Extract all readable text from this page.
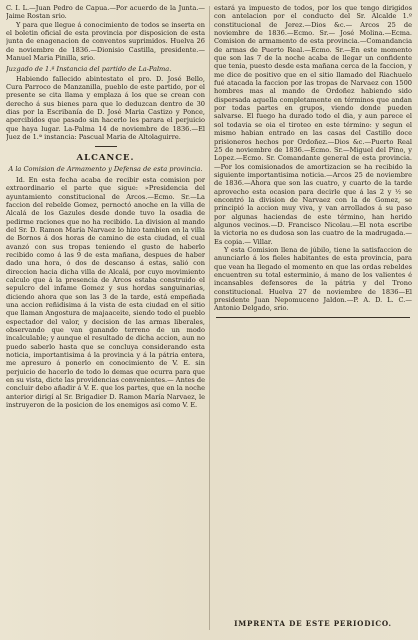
C. I. L.—Juan Pedro de Capua.—Por acuerdo de la Junta.—Jaime Rostan srio.

Y para que llegue á conocimiento de todos se inserta en el boletin oficial de esta provincia por disposicion de esta junta de enagenacion de conventos suprimidos. Huelva 26 de noviembre de 1836.—Dionisio Castilla, presidente.—Manuel Maria Pinilla, srio.

Juzgado de 1.ª Instancia del partido de La-Palma.

Habiendo fallecido abintestato el pro. D. José Bello, Cura Parroco de Manzanilla, pueblo de este partido, por el presente se cita llama y emplaza á los que se crean con derecho á sus bienes para que lo deduzcan dentro de 30 dias por la Escribanía de D. José Maria Castizo y Ponce, apercibidos que pasado sin hacerlo les parara el perjuicio que haya lugar. La-Palma 14 de noviembre de 1836.—El Juez de 1.ª instancia: Pascual Maria de Altolaguirre.

ALCANCE.
A la Comision de Armamento y Defensa de esta provincia.

Id. En esta fecha acaba de recibir esta comision por extraordinario el parte que sigue: »Presidencia del ayuntamiento constitucional de Arcos.—Ecmo. Sr.—La faccion del rebelde Gomez, pernoctó anoche en la villa de Alcalá de los Gazules desde donde tuvo la osadia de pedirme raciones que no ha recibido. La division al mando del Sr. D. Ramon María Narvaez lo hizo tambien en la villa de Bornos á dos horas de camino de esta ciudad, el cual avanzó con sus tropas teniendo el gusto de haberlo recibido como á las 9 de esta mañana, despues de haber dado una hora, ó dos de descanso á estas, salió con direccion hacia dicha villa de Alcalá, por cuyo movimiento calculo que á la presencia de Arcos estaba construido el sepulcro del infame Gomez y sus hordas sanguinarias, diciendo ahora que son las 3 de la tarde, está empeñada una accion reñidisima á la vista de esta ciudad en el sitio que llaman Angostura de majaaceite, siendo todo el pueblo espectador del valor, y decision de las armas liberales, observando que van ganando terreno de un modo incalculable; y aunque el resultado de dicha accion, aun no puedo saberlo hasta que se concluya considerando esta noticia, importantisima á la provincia y á la pátria entera, me apresuro á ponerlo en conocimiento de V. E. sin perjuicio de hacerlo de todo lo demas que ocurra para que en su vista, dicte las providencias convenientes.— Antes de concluir debo añadir á V. E. que los partes, que en la noche anterior dirigí al Sr. Brigadier D. Ramon María Narvaez, le instruyeron de la posicion de los enemigos asi como V. E.

estará ya impuesto de todos, por los que tengo dirigidos con antelacion por el conducto del Sr. Alcalde 1.º constitucional de Jerez.—Dios &c.— Arcos 25 de noviembre de 1836.—Ecmo. Sr.— José Molina.—Ecma. Comision de armamento de esta provincia.—Comandancia de armas de Puerto Real.—Ecmo. Sr.—En este momento que son las 7 de la noche acaba de llegar un confidente que tenia, puesto desde esta mañana cerca de la faccion, y me dice de positivo que en el sitio llamado del Riachuelo fué atacada la faccion por las tropas de Narvaez con 1500 hombres mas al mando de Ordoñez habiendo sido dispersada aquella completamente en términos que andan por todas partes en grupos, viendo donde pueden salvarse. El fuego ha durado todo el dia, y aun parece el sol todavia se oia el tiroteo en este término: y segun el mismo habian entrado en las casas del Castillo doce prisioneros hechos por Ordoñez.—Dios &c.—Puerto Real 25 de noviembre de 1836.—Ecmo. Sr.—Miguel del Pino, y Lopez.—Ecmo. Sr. Comandante general de esta provincia.—Por los comisionados de amortizacion se ha recibido la siguiente importantisima noticia.—Arcos 25 de noviembre de 1836.—Ahora que son las cuatro, y cuarto de la tarde aprovecho esta ocasion para decirle que á las 2 y ½ se encontró la division de Narvaez con la de Gomez, se principió la accion muy viva, y van arrollados á su paso por algunas haciendas de este término, han herido algunos vecinos.—D. Francisco Nicolau.—El nota escribe la victoria no es dudosa son las cuatro de la madrugada.—Es copia.— Villar.

Y esta Comision llena de júbilo, tiene la satisfaccion de anunciarlo á los fieles habitantes de esta provincia, para que vean ha llegado el momento en que las ordas rebeldes encuentren su total esterminio, á mano de los valientes é incansables defensores de la pátria y del Trono constitucional. Huelva 27 de noviembre de 1836—El presidente Juan Nepomuceno Jaldon.—P. A. D. L. C.—Antonio Delgado, srio.

IMPRENTA DE ESTE PERIODICO.
